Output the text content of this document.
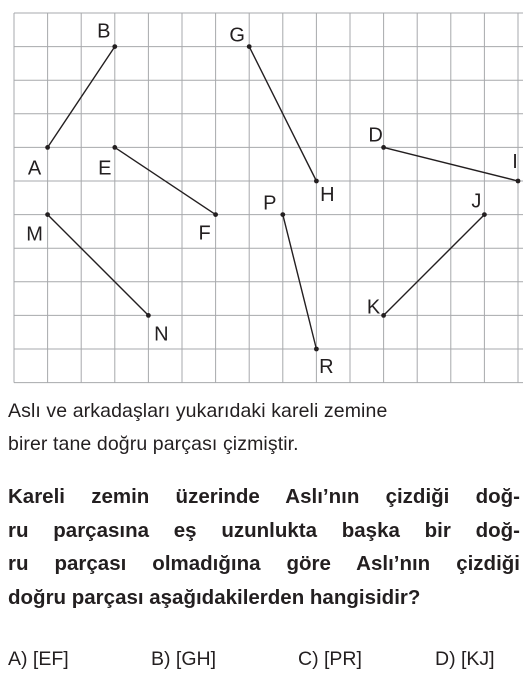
A
B
E
F
G
H
D
I
M
N
P
R
J
K

Aslı ve arkadaşları yukarıdaki kareli zemine
birer tane doğru parçası çizmiştir.

Kareli zemin üzerinde Aslı’nın çizdiği doğ-
ru parçasına eş uzunlukta başka bir doğ-
ru parçası olmadığına göre Aslı’nın çizdiği
doğru parçası aşağıdakilerden hangisidir?

A) [EF]	B) [GH]	C) [PR]	D) [KJ]
